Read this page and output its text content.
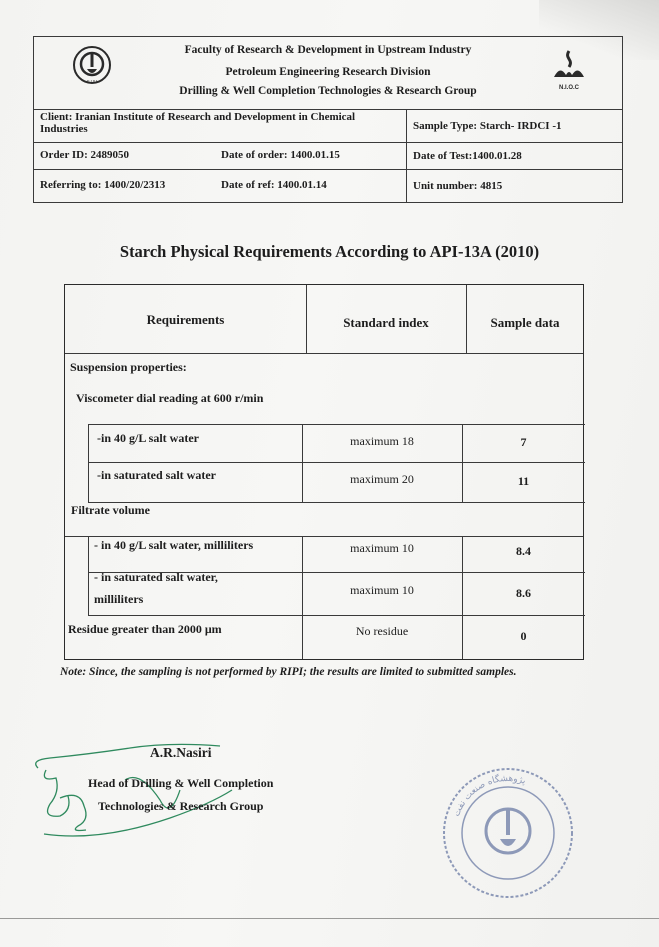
R.I.P.I
Faculty of Research & Development in Upstream Industry
Petroleum Engineering Research Division
Drilling & Well Completion Technologies & Research Group	N.I.O.C
Client: Iranian Institute of Research and Development in Chemical Industries	Sample Type: Starch- IRDCI -1
Order ID: 2489050	Date of order: 1400.01.15	Date of Test:1400.01.28
Referring to: 1400/20/2313	Date of ref: 1400.01.14	Unit number: 4815
Starch Physical Requirements According to API-13A (2010)
Requirements	Standard index	Sample data
Suspension properties:
Viscometer dial reading at 600 r/min
-in 40 g/L salt water	maximum 18	7
-in saturated salt water	maximum 20	11
Filtrate volume
- in 40 g/L salt water, milliliters	maximum 10	8.4
- in saturated salt water,
milliliters
maximum 10	8.6
Residue greater than 2000 μm	No residue	0
Note: Since, the sampling is not performed by RIPI; the results are limited to submitted samples.
A.R.Nasiri
Head of Drilling & Well Completion
Technologies & Research Group	پژوهشگاه صنعت نفت
